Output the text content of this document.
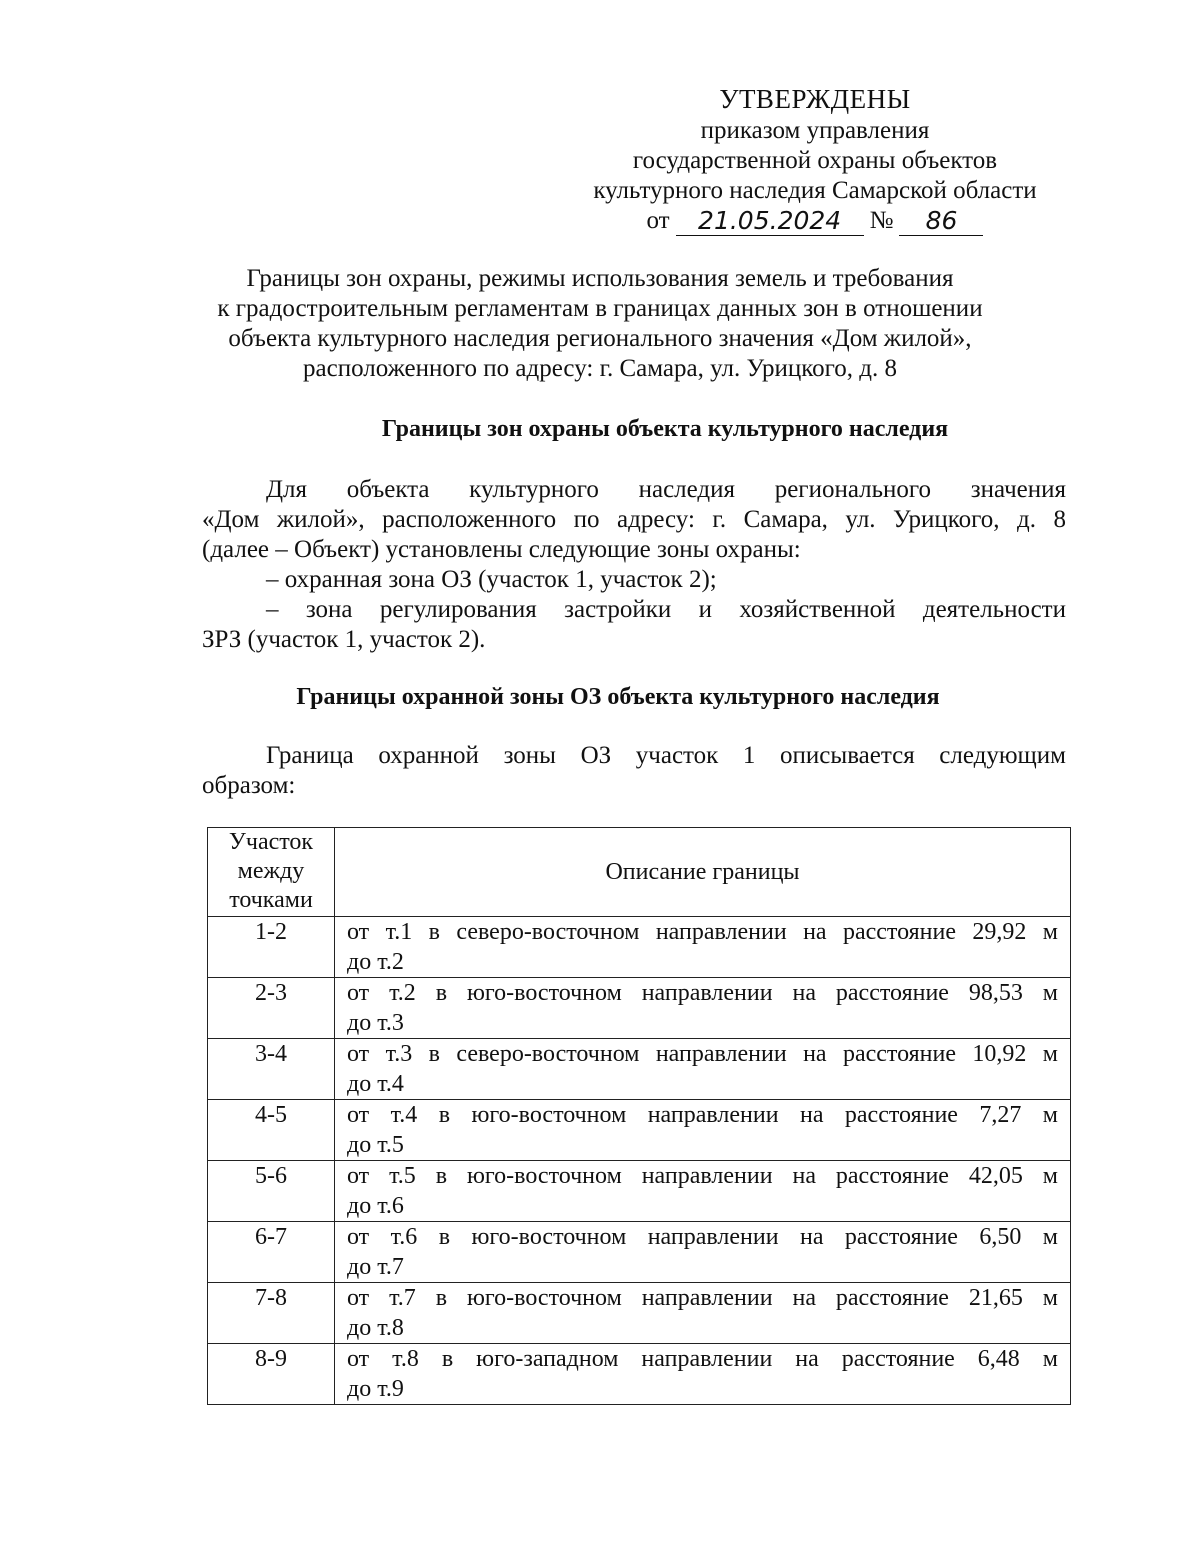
УТВЕРЖДЕНЫ
приказом управления
государственной охраны объектов
культурного наследия Самарской области
от	21.05.2024	№	86
Границы зон охраны, режимы использования земель и требования
к градостроительным регламентам в границах данных зон в отношении
объекта культурного наследия регионального значения «Дом жилой»,
расположенного по адресу: г. Самара, ул. Урицкого, д. 8
Границы зон охраны объекта культурного наследия
Для объекта культурного наследия регионального значения
«Дом жилой», расположенного по адресу: г. Самара, ул. Урицкого, д. 8
(далее – Объект) установлены следующие зоны охраны:
– охранная зона ОЗ (участок 1, участок 2);
– зона регулирования застройки и хозяйственной деятельности
ЗРЗ (участок 1, участок 2).
Границы охранной зоны ОЗ объекта культурного наследия
Граница охранной зоны ОЗ участок 1 описывается следующим
образом:
Участок
между
точками	Описание границы
1-2	от т.1 в северо-восточном направлении на расстояние 29,92 м
до т.2

2-3	от т.2 в юго-восточном направлении на расстояние 98,53 м
до т.3

3-4	от т.3 в северо-восточном направлении на расстояние 10,92 м
до т.4

4-5	от т.4 в юго-восточном направлении на расстояние 7,27 м
до т.5

5-6	от т.5 в юго-восточном направлении на расстояние 42,05 м
до т.6

6-7	от т.6 в юго-восточном направлении на расстояние 6,50 м
до т.7

7-8	от т.7 в юго-восточном направлении на расстояние 21,65 м
до т.8

8-9	от т.8 в юго-западном направлении на расстояние 6,48 м
до т.9
